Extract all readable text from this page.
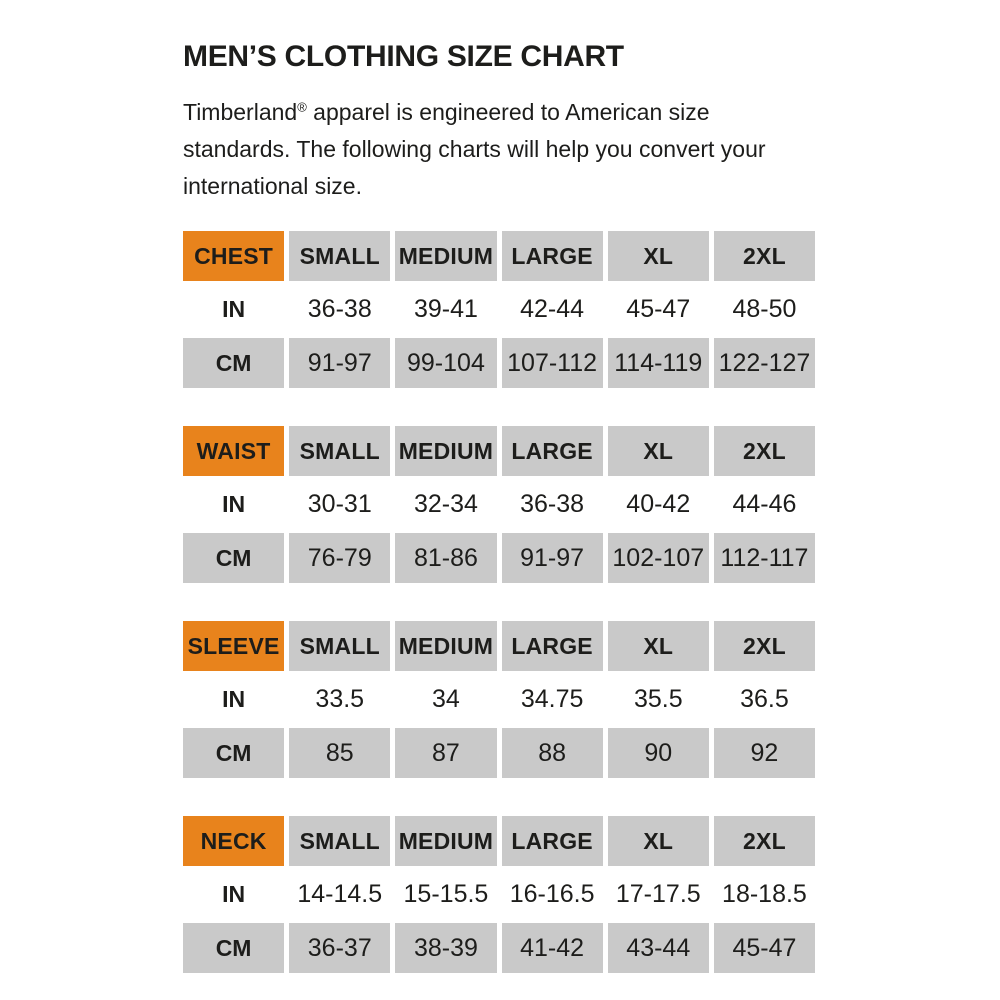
MEN’S CLOTHING SIZE CHART

Timberland® apparel is engineered to American size
standards. The following charts will help you convert your
international size.

CHEST	SMALL MEDIUM LARGE	XL	2XL
IN	36-38	39-41	42-44	45-47	48-50
CM	91-97	99-104 107-112 114-119 122-127
WAIST	SMALL MEDIUM LARGE	XL	2XL
IN	30-31	32-34	36-38	40-42	44-46
CM	76-79	81-86	91-97	102-107 112-117
SLEEVE SMALL MEDIUM LARGE	XL	2XL
IN	33.5	34	34.75	35.5	36.5
CM	85	87	88	90	92
NECK	SMALL MEDIUM LARGE	XL	2XL
IN	14-14.5 15-15.5 16-16.5 17-17.5 18-18.5
CM	36-37	38-39	41-42	43-44	45-47
